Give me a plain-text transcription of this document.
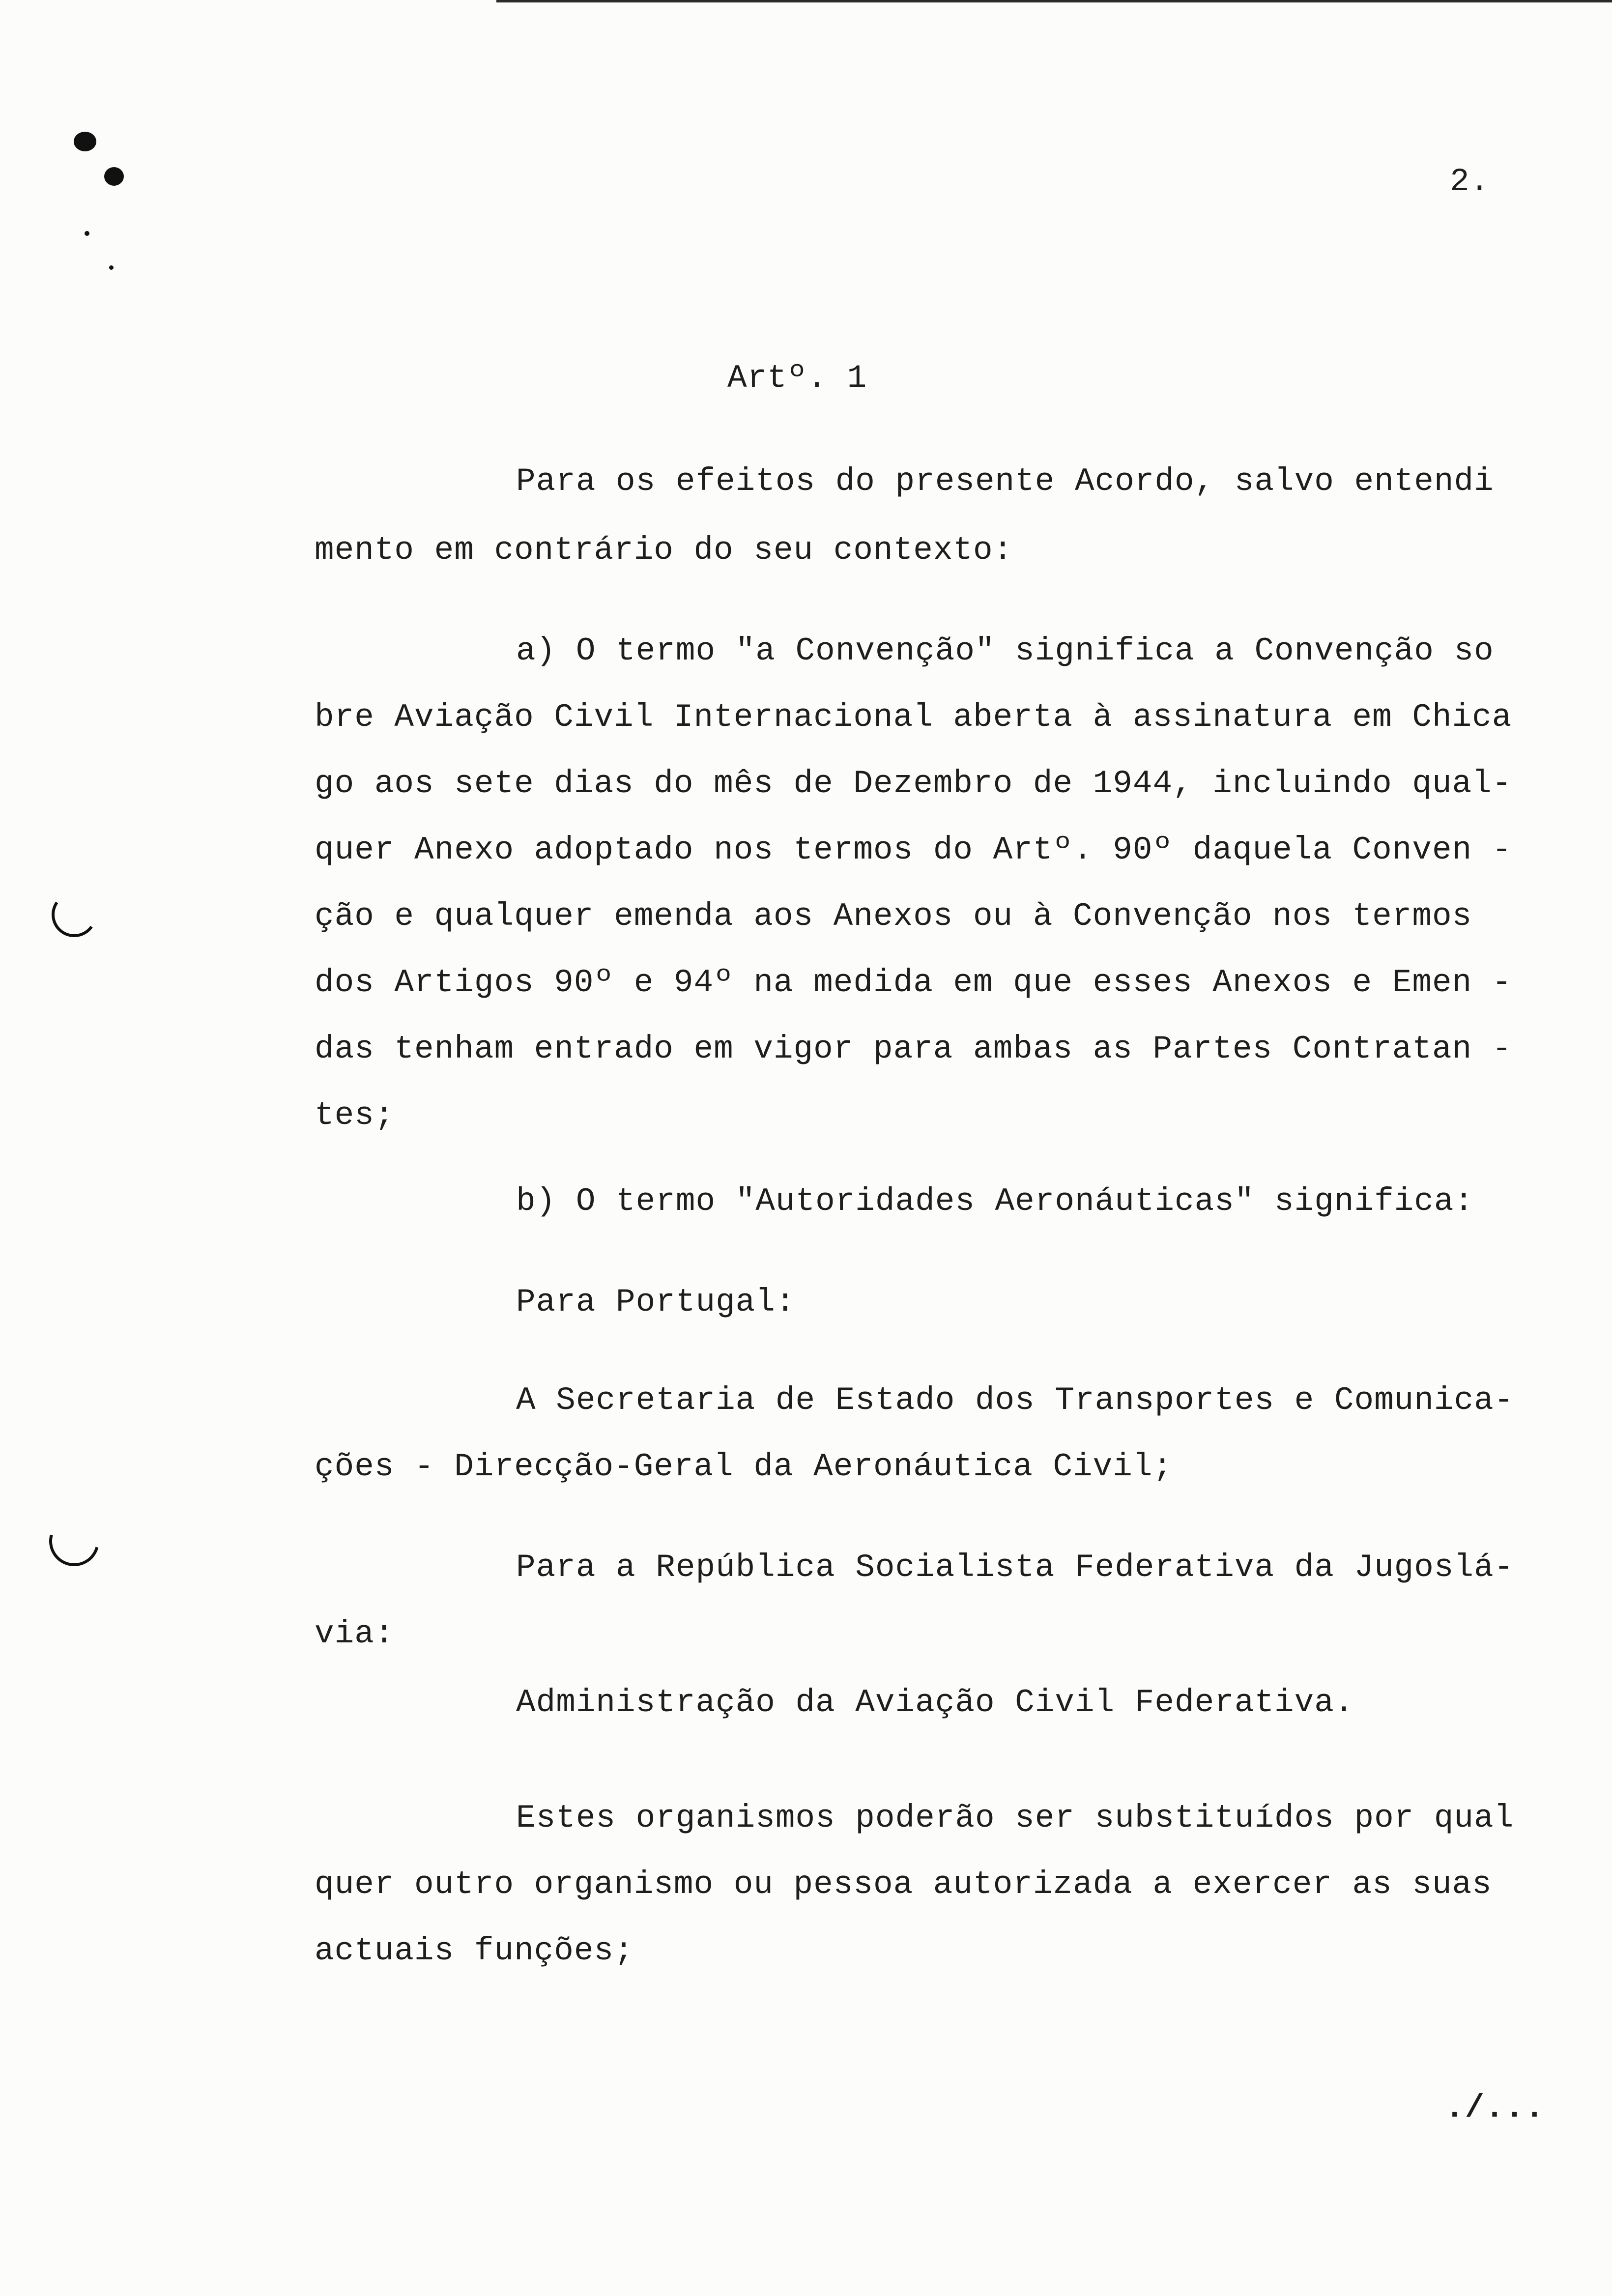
2.
Artº. 1
Para os efeitos do presente Acordo, salvo entendi
mento em contrário do seu contexto:
a) O termo "a Convenção" significa a Convenção so
bre Aviação Civil Internacional aberta à assinatura em Chica
go aos sete dias do mês de Dezembro de 1944, incluindo qual-
quer Anexo adoptado nos termos do Artº. 90º daquela Conven -
ção e qualquer emenda aos Anexos ou à Convenção nos termos
dos Artigos 90º e 94º na medida em que esses Anexos e Emen -
das tenham entrado em vigor para ambas as Partes Contratan -
tes;
b) O termo "Autoridades Aeronáuticas" significa:
Para Portugal:
A Secretaria de Estado dos Transportes e Comunica-
ções - Direcção-Geral da Aeronáutica Civil;
Para a República Socialista Federativa da Jugoslá-
via:
Administração da Aviação Civil Federativa.
Estes organismos poderão ser substituídos por qual
quer outro organismo ou pessoa autorizada a exercer as suas
actuais funções;
./...
